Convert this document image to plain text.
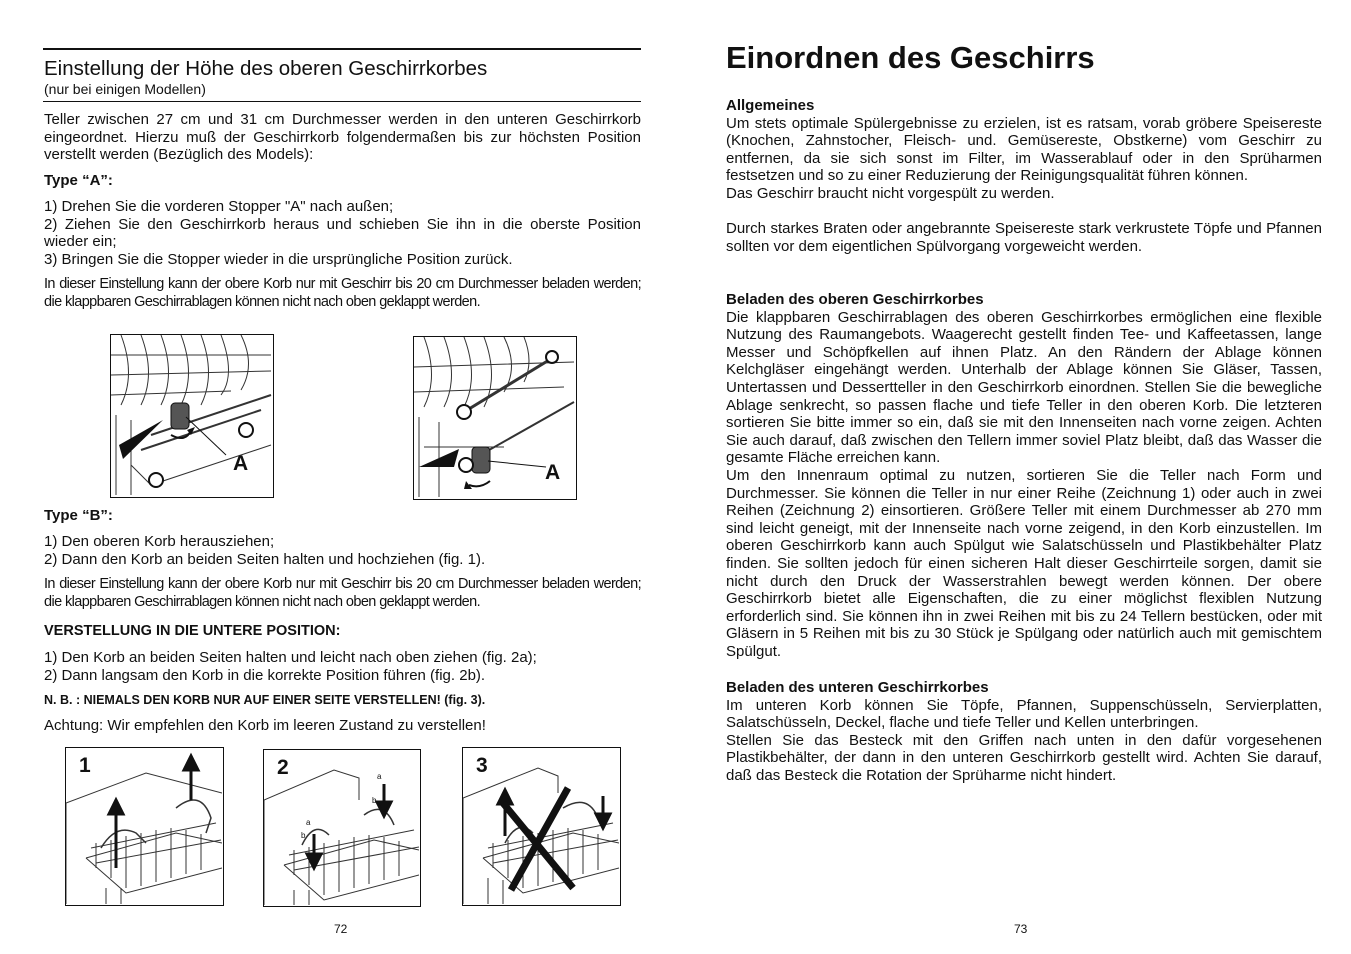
Einstellung der Höhe des oberen Geschirrkorbes
(nur bei einigen Modellen)
Teller zwischen 27 cm und 31 cm Durchmesser werden in den unteren Geschirrkorb eingeordnet. Hierzu muß der Geschirrkorb folgendermaßen bis zur höchsten Position verstellt werden (Bezüglich des Models):
Type “A”:
1) Drehen Sie die vorderen Stopper "A" nach außen;
2) Ziehen Sie den Geschirrkorb heraus und schieben Sie ihn in die oberste Position wieder ein;
3) Bringen Sie die Stopper wieder in die ursprüngliche Position zurück.
In dieser Einstellung kann der obere Korb nur mit Geschirr bis 20 cm Durchmesser beladen werden; die klappbaren Geschirrablagen können nicht nach oben geklappt werden.
A	A
Type “B”:
1) Den oberen Korb herausziehen;
2) Dann den Korb an beiden Seiten halten und hochziehen (fig. 1).
In dieser Einstellung kann der obere Korb nur mit Geschirr bis 20 cm Durchmesser beladen werden; die klappbaren Geschirrablagen können nicht nach oben geklappt werden.
VERSTELLUNG IN DIE UNTERE POSITION:
1) Den Korb an beiden Seiten halten und leicht nach oben ziehen (fig. 2a);
2) Dann langsam den Korb in die korrekte Position führen (fig. 2b).
N. B. : NIEMALS DEN KORB NUR AUF EINER SEITE VERSTELLEN! (fig. 3).
Achtung: Wir empfehlen den Korb im leeren Zustand zu verstellen!
1	2	a
b
a
b
3
72
Einordnen des Geschirrs

Allgemeines

Um stets optimale Spülergebnisse zu erzielen, ist es ratsam, vorab gröbere Speisereste (Knochen, Zahnstocher, Fleisch- und. Gemüsereste, Obstkerne) vom Geschirr zu entfernen, da sie sich sonst im Filter, im Wasserablauf oder in den Sprüharmen festsetzen und so zu einer Reduzierung der Reinigungsqualität führen können.

Das Geschirr braucht nicht vorgespült zu werden.

Durch starkes Braten oder angebrannte Speisereste stark verkrustete Töpfe und Pfannen sollten vor dem eigentlichen Spülvorgang vorgeweicht werden.

Beladen des oberen Geschirrkorbes

Die klappbaren Geschirrablagen des oberen Geschirrkorbes ermöglichen eine flexible Nutzung des Raumangebots. Waagerecht gestellt finden Tee- und Kaffeetassen, lange Messer und Schöpfkellen auf ihnen Platz. An den Rändern der Ablage können Kelchgläser eingehängt werden. Unterhalb der Ablage können Sie Gläser, Tassen, Untertassen und Dessertteller in den Geschirrkorb einordnen. Stellen Sie die bewegliche Ablage senkrecht, so passen flache und tiefe Teller in den oberen Korb. Die letzteren sortieren Sie bitte immer so ein, daß sie mit den Innenseiten nach vorne zeigen. Achten Sie auch darauf, daß zwischen den Tellern immer soviel Platz bleibt, daß das Wasser die gesamte Fläche erreichen kann.

Um den Innenraum optimal zu nutzen, sortieren Sie die Teller nach Form und Durchmesser. Sie können die Teller in nur einer Reihe (Zeichnung 1) oder auch in zwei Reihen (Zeichnung 2) einsortieren. Größere Teller mit einem Durchmesser ab 270 mm sind leicht geneigt, mit der Innenseite nach vorne zeigend, in den Korb einzustellen. Im oberen Geschirrkorb kann auch Spülgut wie Salatschüsseln und Plastikbehälter Platz finden. Sie sollten jedoch für einen sicheren Halt dieser Geschirrteile sorgen, damit sie nicht durch den Druck der Wasserstrahlen bewegt werden können. Der obere Geschirrkorb bietet alle Eigenschaften, die zu einer möglichst flexiblen Nutzung erforderlich sind. Sie können ihn in zwei Reihen mit bis zu 24 Tellern bestücken, oder mit Gläsern in 5 Reihen mit bis zu 30 Stück je Spülgang oder natürlich auch mit gemischtem Spülgut.

Beladen des unteren Geschirrkorbes

Im unteren Korb können Sie Töpfe, Pfannen, Suppenschüsseln, Servierplatten, Salatschüsseln, Deckel, flache und tiefe Teller und Kellen unterbringen.

Stellen Sie das Besteck mit den Griffen nach unten in den dafür vorgesehenen Plastikbehälter, der dann in den unteren Geschirrkorb gestellt wird. Achten Sie darauf, daß das Besteck die Rotation der Sprüharme nicht hindert.

73
